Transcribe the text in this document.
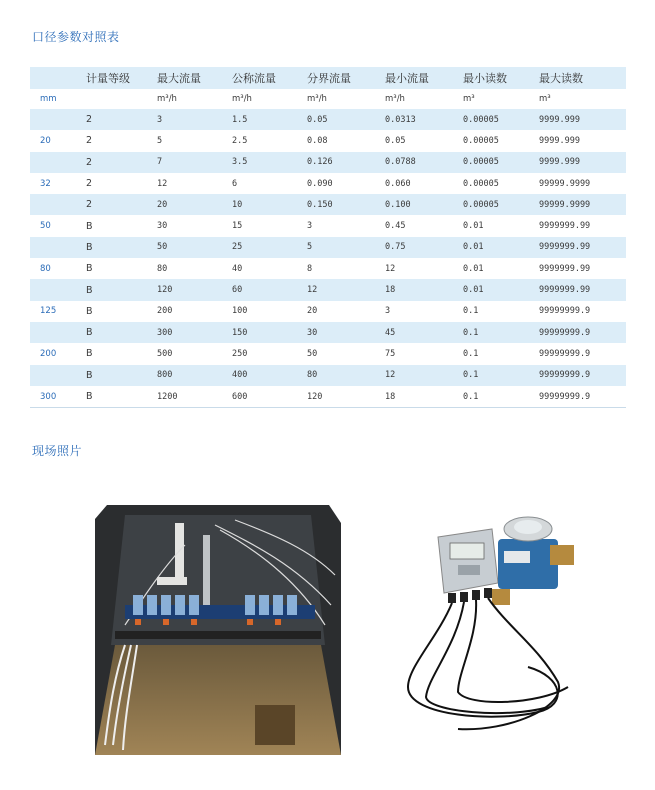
口径参数对照表
	计量等级	最大流量	公称流量	分界流量	最小流量	最小读数	最大读数
mm		m³/h	m³/h	m³/h	m³/h	m³	m³
	2	3	1.5	0.05	0.0313	0.00005	9999.999
20	2	5	2.5	0.08	0.05	0.00005	9999.999
	2	7	3.5	0.126	0.0788	0.00005	9999.999
32	2	12	6	0.090	0.060	0.00005	99999.9999
	2	20	10	0.150	0.100	0.00005	99999.9999
50	B	30	15	3	0.45	0.01	9999999.99
	B	50	25	5	0.75	0.01	9999999.99
80	B	80	40	8	12	0.01	9999999.99
	B	120	60	12	18	0.01	9999999.99
125	B	200	100	20	3	0.1	99999999.9
	B	300	150	30	45	0.1	99999999.9
200	B	500	250	50	75	0.1	99999999.9
	B	800	400	80	12	0.1	99999999.9
300	B	1200	600	120	18	0.1	99999999.9
现场照片
